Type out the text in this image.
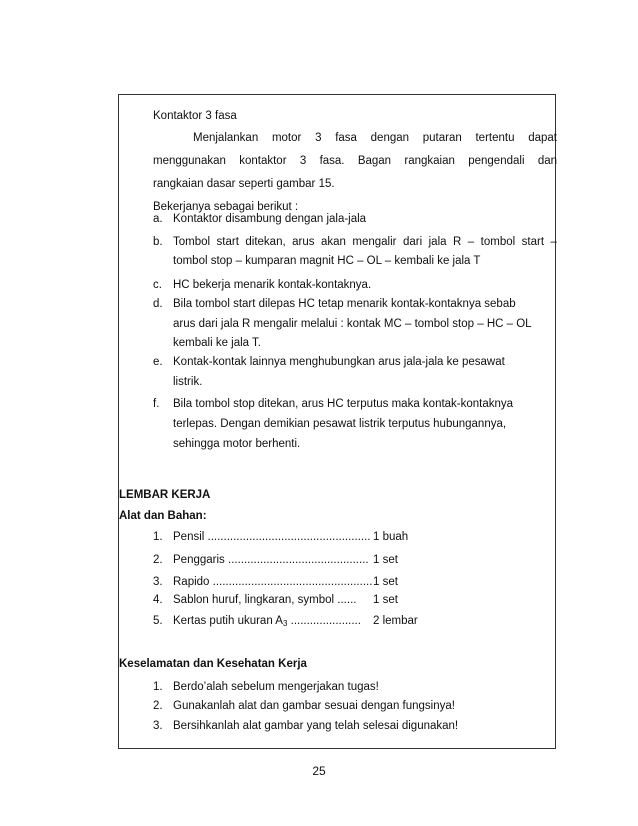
Kontaktor 3 fasa
Menjalankan motor 3 fasa dengan putaran tertentu dapat
menggunakan kontaktor 3 fasa. Bagan rangkaian pengendali dan
rangkaian dasar seperti gambar 15.
Bekerjanya sebagai berikut :
a. Kontaktor disambung dengan jala-jala
b. Tombol start ditekan, arus akan mengalir dari jala R – tombol start –
tombol stop – kumparan magnit HC – OL – kembali ke jala T
c. HC bekerja menarik kontak-kontaknya.
d. Bila tombol start dilepas HC tetap menarik kontak-kontaknya sebab
arus dari jala R mengalir melalui : kontak MC – tombol stop – HC – OL
kembali ke jala T.
e. Kontak-kontak lainnya menghubungkan arus jala-jala ke pesawat
listrik.
f. Bila tombol stop ditekan, arus HC terputus maka kontak-kontaknya
terlepas. Dengan demikian pesawat listrik terputus hubungannya,
sehingga motor berhenti.
LEMBAR KERJA
Alat dan Bahan:
1. Pensil ................................................... 1 buah
2. Penggaris ............................................ 1 set
3. Rapido .................................................. 1 set
4. Sablon huruf, lingkaran, symbol ...... 1 set
5. Kertas putih ukuran $A_3$ ...................... 2 lembar
Keselamatan dan Kesehatan Kerja
1. Berdo’alah sebelum mengerjakan tugas!
2. Gunakanlah alat dan gambar sesuai dengan fungsinya!
3. Bersihkanlah alat gambar yang telah selesai digunakan!
25
